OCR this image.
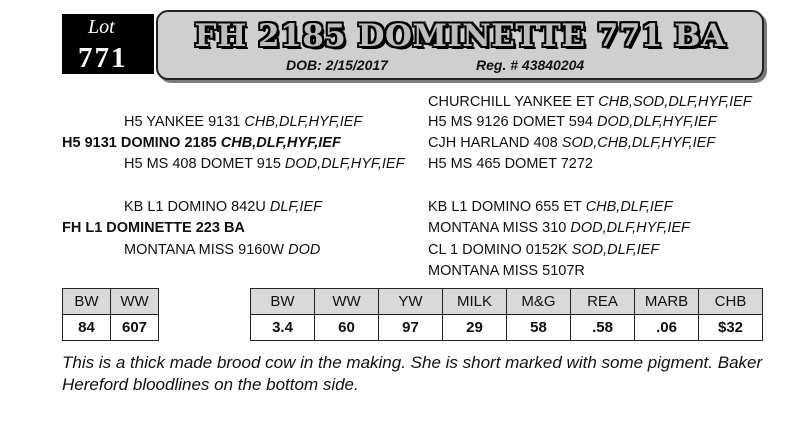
Lot
771
FH 2185 DOMINETTE 771 BA
DOB: 2/15/2017	Reg. # 43840204
CHURCHILL YANKEE ET CHB,SOD,DLF,HYF,IEF
H5 YANKEE 9131 CHB,DLF,HYF,IEF	H5 MS 9126 DOMET 594 DOD,DLF,HYF,IEF
H5 9131 DOMINO 2185 CHB,DLF,HYF,IEF	CJH HARLAND 408 SOD,CHB,DLF,HYF,IEF
H5 MS 408 DOMET 915 DOD,DLF,HYF,IEF H5 MS 465 DOMET 7272
KB L1 DOMINO 842U DLF,IEF	KB L1 DOMINO 655 ET CHB,DLF,IEF
FH L1 DOMINETTE 223 BA	MONTANA MISS 310 DOD,DLF,HYF,IEF
MONTANA MISS 9160W DOD	CL 1 DOMINO 0152K SOD,DLF,IEF
MONTANA MISS 5107R
BW	WW
84	607
BW	WW	YW	MILK	M&G	REA	MARB	CHB
3.4	60	97	29	58	.58	.06	$32
This is a thick made brood cow in the making. She is short marked with some pigment. Baker Hereford bloodlines on the bottom side.
